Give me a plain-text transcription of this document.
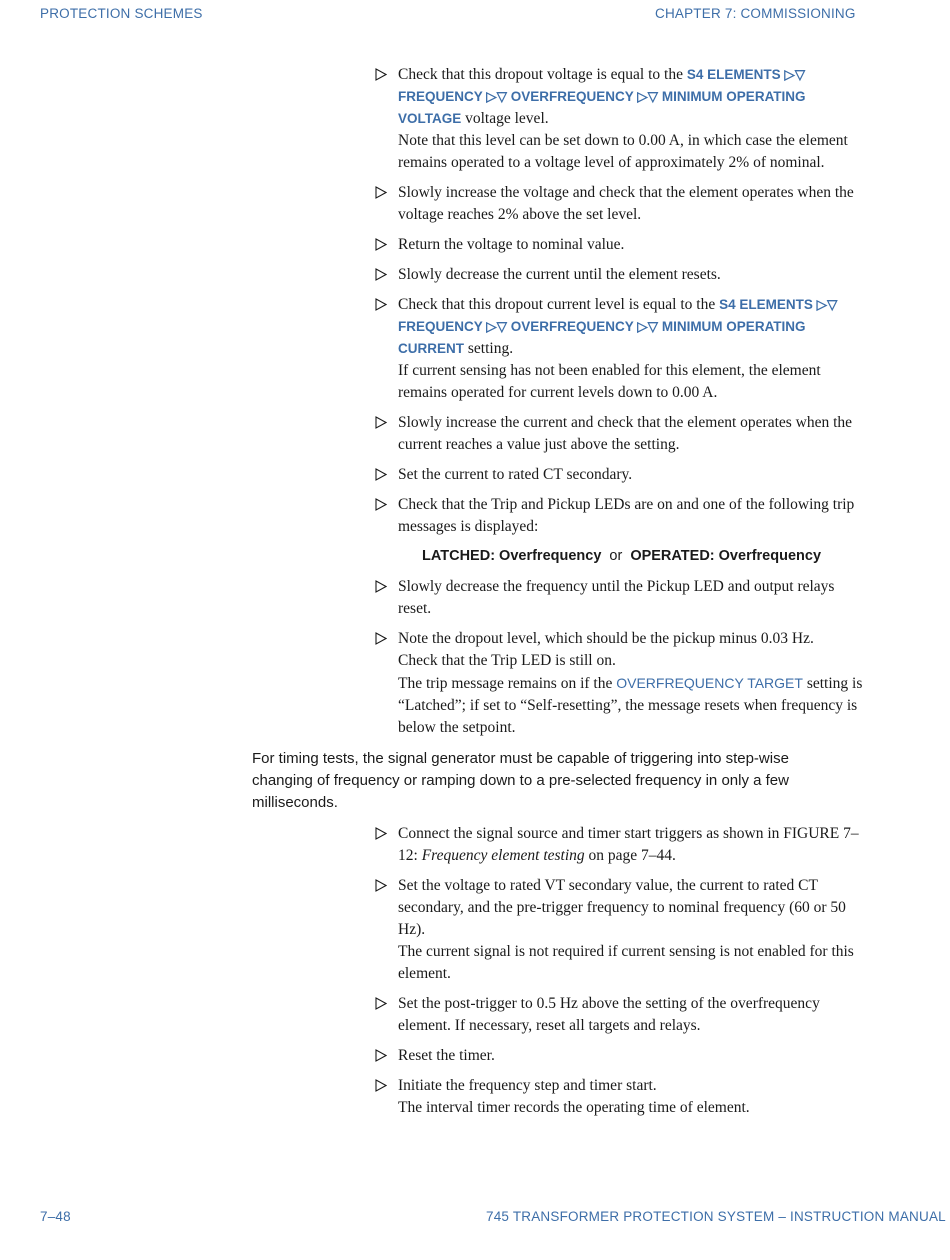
PROTECTION SCHEMES	CHAPTER 7: COMMISSIONING

Check that this dropout voltage is equal to the S4 ELEMENTS ▷▽ FREQUENCY ▷▽ OVERFREQUENCY ▷▽ MINIMUM OPERATING VOLTAGE voltage level.

Note that this level can be set down to 0.00 A, in which case the element remains operated to a voltage level of approximately 2% of nominal.

Slowly increase the voltage and check that the element operates when the voltage reaches 2% above the set level.

Return the voltage to nominal value.

Slowly decrease the current until the element resets.

Check that this dropout current level is equal to the S4 ELEMENTS ▷▽ FREQUENCY ▷▽ OVERFREQUENCY ▷▽ MINIMUM OPERATING CURRENT setting.

If current sensing has not been enabled for this element, the element remains operated for current levels down to 0.00 A.

Slowly increase the current and check that the element operates when the current reaches a value just above the setting.

Set the current to rated CT secondary.

Check that the Trip and Pickup LEDs are on and one of the following trip messages is displayed:

LATCHED: Overfrequency or OPERATED: Overfrequency

Slowly decrease the frequency until the Pickup LED and output relays reset.

Note the dropout level, which should be the pickup minus 0.03 Hz.

Check that the Trip LED is still on.

The trip message remains on if the OVERFREQUENCY TARGET setting is “Latched”; if set to “Self-resetting”, the message resets when frequency is below the setpoint.

For timing tests, the signal generator must be capable of triggering into step-wise changing of frequency or ramping down to a pre-selected frequency in only a few milliseconds.

Connect the signal source and timer start triggers as shown in FIGURE 7–12: Frequency element testing on page 7–44.

Set the voltage to rated VT secondary value, the current to rated CT secondary, and the pre-trigger frequency to nominal frequency (60 or 50 Hz).

The current signal is not required if current sensing is not enabled for this element.

Set the post-trigger to 0.5 Hz above the setting of the overfrequency element. If necessary, reset all targets and relays.

Reset the timer.

Initiate the frequency step and timer start.

The interval timer records the operating time of element.

7–48	745 TRANSFORMER PROTECTION SYSTEM – INSTRUCTION MANUAL
